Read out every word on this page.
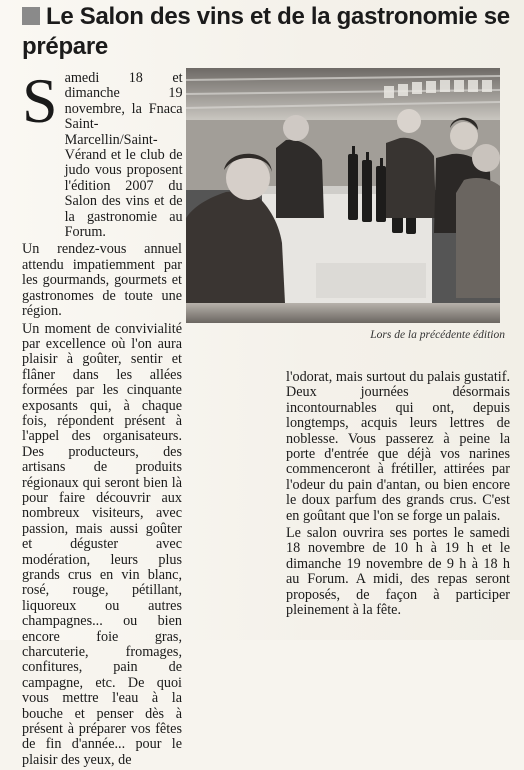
Le Salon des vins et de la gastronomie se prépare
S amedi 18 et dimanche 19 novembre, la Fnaca Saint-Marcellin/Saint-Vérand et le club de judo vous proposent l'édition 2007 du Salon des vins et de la gastronomie au Forum.

Un rendez-vous annuel attendu impatiemment par les gourmands, gourmets et gastronomes de toute une région.

Un moment de convivialité par excellence où l'on aura plaisir à goûter, sentir et flâner dans les allées formées par les cinquante exposants qui, à chaque fois, répondent présent à l'appel des organisateurs. Des producteurs, des artisans de produits régionaux qui seront bien là pour faire découvrir aux nombreux visiteurs, avec passion, mais aussi goûter et déguster avec modération, leurs plus grands crus en vin blanc, rosé, rouge, pétillant, liquoreux ou autres champagnes... ou bien encore foie gras, charcuterie, fromages, confitures, pain de campagne, etc. De quoi vous mettre l'eau à la bouche et penser dès à présent à préparer vos fêtes de fin d'année... pour le plaisir des yeux, de

Lors de la précédente édition

l'odorat, mais surtout du palais gustatif. Deux journées désormais incontournables qui ont, depuis longtemps, acquis leurs lettres de noblesse. Vous passerez à peine la porte d'entrée que déjà vos narines commenceront à frétiller, attirées par l'odeur du pain d'antan, ou bien encore le doux parfum des grands crus. C'est en goûtant que l'on se forge un palais.

Le salon ouvrira ses portes le samedi 18 novembre de 10 h à 19 h et le dimanche 19 novembre de 9 h à 18 h au Forum. A midi, des repas seront proposés, de façon à participer pleinement à la fête.
